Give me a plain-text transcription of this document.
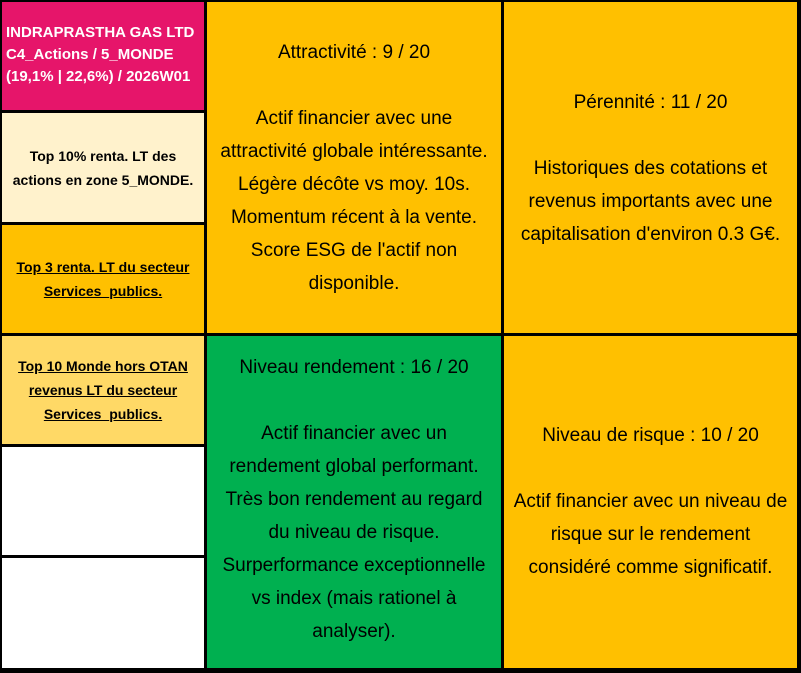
INDRAPRASTHA GAS LTD
C4_Actions / 5_MONDE
(19,1% | 22,6%) / 2026W01
Top 10% renta. LT des
actions en zone 5_MONDE.
Top 3 renta. LT du secteur
Services_publics.
Top 10 Monde hors OTAN
revenus LT du secteur
Services_publics.
Attractivité : 9 / 20
Actif financier avec une
attractivité globale intéressante.
Légère décôte vs moy. 10s.
Momentum récent à la vente.
Score ESG de l'actif non
disponible.
Pérennité : 11 / 20
Historiques des cotations et
revenus importants avec une
capitalisation d'environ 0.3 G€.
Niveau rendement : 16 / 20
Actif financier avec un
rendement global performant.
Très bon rendement au regard
du niveau de risque.
Surperformance exceptionnelle
vs index (mais rationel à
analyser).
Niveau de risque : 10 / 20
Actif financier avec un niveau de
risque sur le rendement
considéré comme significatif.
